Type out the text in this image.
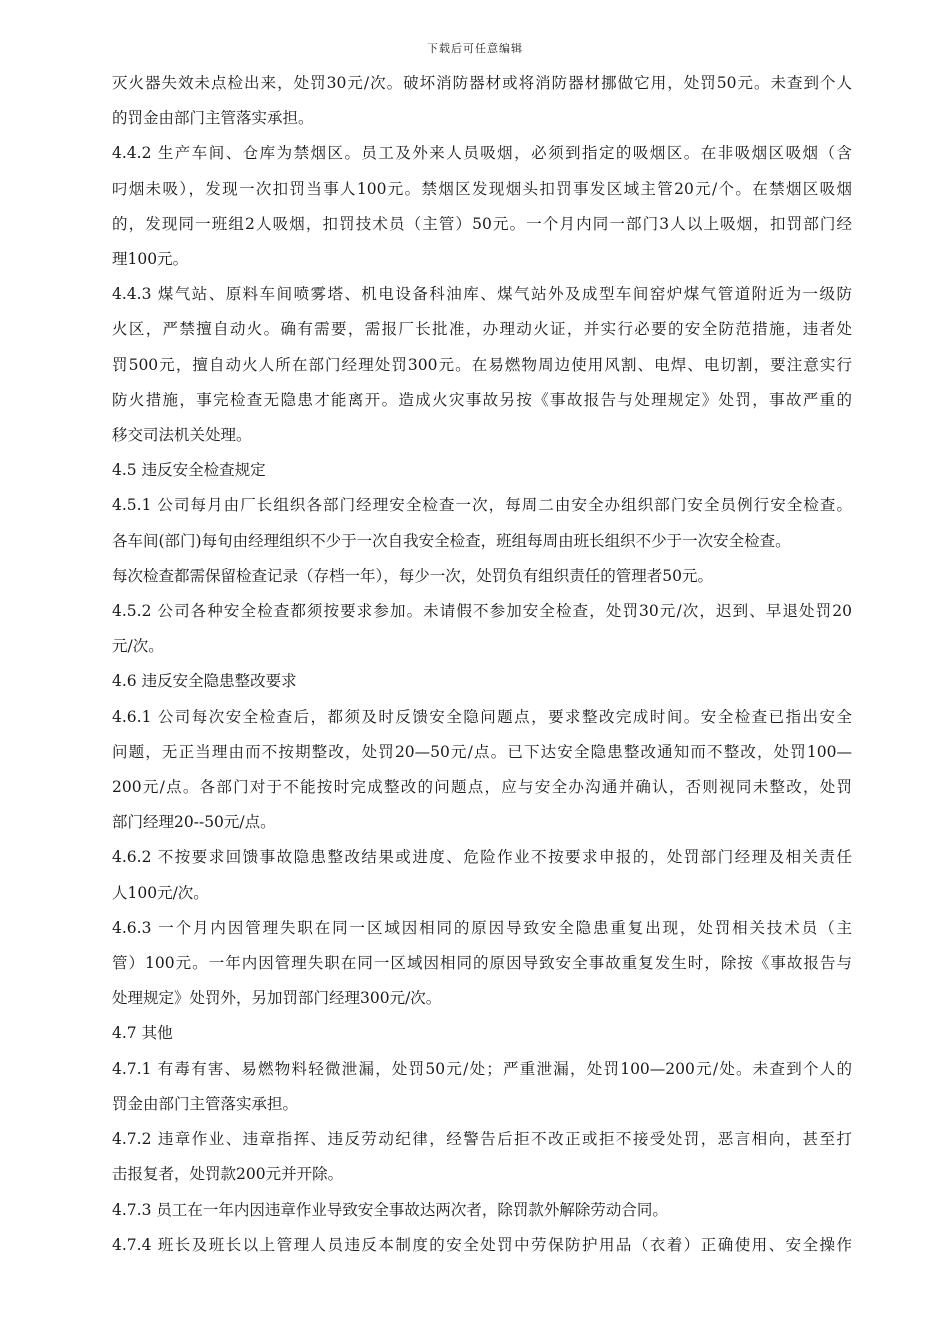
下载后可任意编辑
灭火器失效未点检出来，处罚30元/次。破坏消防器材或将消防器材挪做它用，处罚50元。未查到个人
的罚金由部门主管落实承担。
4.4.2 生产车间、仓库为禁烟区。员工及外来人员吸烟，必须到指定的吸烟区。在非吸烟区吸烟（含
叼烟未吸），发现一次扣罚当事人100元。禁烟区发现烟头扣罚事发区域主管20元/个。在禁烟区吸烟
的，发现同一班组2人吸烟，扣罚技术员（主管）50元。一个月内同一部门3人以上吸烟，扣罚部门经
理100元。
4.4.3 煤气站、原料车间喷雾塔、机电设备科油库、煤气站外及成型车间窑炉煤气管道附近为一级防
火区，严禁擅自动火。确有需要，需报厂长批准，办理动火证，并实行必要的安全防范措施，违者处
罚500元，擅自动火人所在部门经理处罚300元。在易燃物周边使用风割、电焊、电切割，要注意实行
防火措施，事完检查无隐患才能离开。造成火灾事故另按《事故报告与处理规定》处罚，事故严重的
移交司法机关处理。
4.5 违反安全检查规定
4.5.1 公司每月由厂长组织各部门经理安全检查一次，每周二由安全办组织部门安全员例行安全检查。
各车间(部门)每旬由经理组织不少于一次自我安全检查，班组每周由班长组织不少于一次安全检查。
每次检查都需保留检查记录（存档一年），每少一次，处罚负有组织责任的管理者50元。
4.5.2 公司各种安全检查都须按要求参加。未请假不参加安全检查，处罚30元/次，迟到、早退处罚20
元/次。
4.6 违反安全隐患整改要求
4.6.1 公司每次安全检查后，都须及时反馈安全隐问题点，要求整改完成时间。安全检查已指出安全
问题，无正当理由而不按期整改，处罚20—50元/点。已下达安全隐患整改通知而不整改，处罚100—
200元/点。各部门对于不能按时完成整改的问题点，应与安全办沟通并确认，否则视同未整改，处罚
部门经理20--50元/点。
4.6.2 不按要求回馈事故隐患整改结果或进度、危险作业不按要求申报的，处罚部门经理及相关责任
人100元/次。
4.6.3 一个月内因管理失职在同一区域因相同的原因导致安全隐患重复出现，处罚相关技术员（主
管）100元。一年内因管理失职在同一区域因相同的原因导致安全事故重复发生时，除按《事故报告与
处理规定》处罚外，另加罚部门经理300元/次。
4.7 其他
4.7.1 有毒有害、易燃物料轻微泄漏，处罚50元/处；严重泄漏，处罚100—200元/处。未查到个人的
罚金由部门主管落实承担。
4.7.2 违章作业、违章指挥、违反劳动纪律，经警告后拒不改正或拒不接受处罚，恶言相向，甚至打
击报复者，处罚款200元并开除。
4.7.3 员工在一年内因违章作业导致安全事故达两次者，除罚款外解除劳动合同。
4.7.4 班长及班长以上管理人员违反本制度的安全处罚中劳保防护用品（衣着）正确使用、安全操作
